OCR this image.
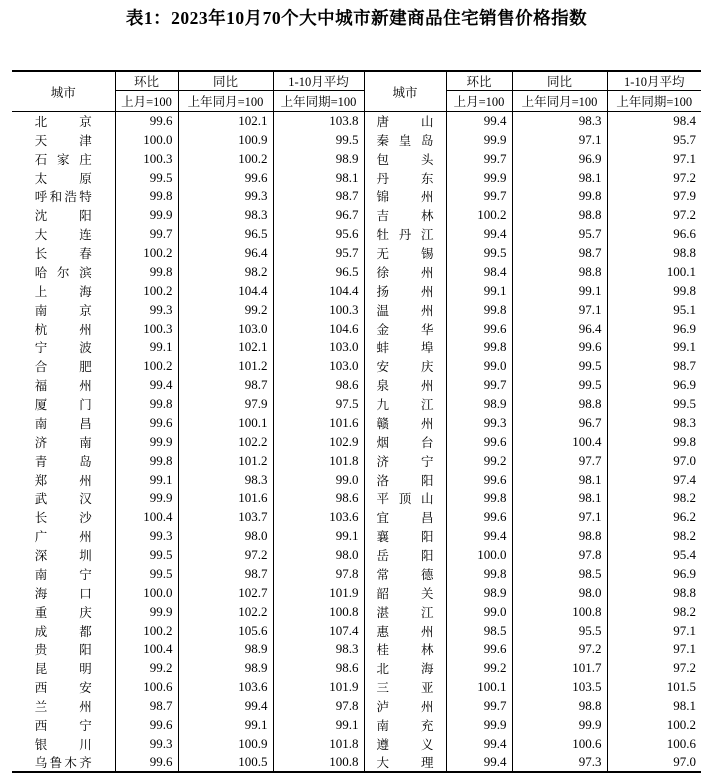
表1：2023年10月70个大中城市新建商品住宅销售价格指数
城市	环比	同比	1-10月平均	城市	环比	同比	1-10月平均
	上月=100	上年同月=100	上年同期=100		上月=100	上年同月=100	上年同期=100
北京	99.6	102.1	103.8	唐山	99.4	98.3	98.4
天津	100.0	100.9	99.5	秦皇岛	99.9	97.1	95.7
石家庄	100.3	100.2	98.9	包头	99.7	96.9	97.1
太原	99.5	99.6	98.1	丹东	99.9	98.1	97.2
呼和浩特	99.8	99.3	98.7	锦州	99.7	99.8	97.9
沈阳	99.9	98.3	96.7	吉林	100.2	98.8	97.2
大连	99.7	96.5	95.6	牡丹江	99.4	95.7	96.6
长春	100.2	96.4	95.7	无锡	99.5	98.7	98.8
哈尔滨	99.8	98.2	96.5	徐州	98.4	98.8	100.1
上海	100.2	104.4	104.4	扬州	99.1	99.1	99.8
南京	99.3	99.2	100.3	温州	99.8	97.1	95.1
杭州	100.3	103.0	104.6	金华	99.6	96.4	96.9
宁波	99.1	102.1	103.0	蚌埠	99.8	99.6	99.1
合肥	100.2	101.2	103.0	安庆	99.0	99.5	98.7
福州	99.4	98.7	98.6	泉州	99.7	99.5	96.9
厦门	99.8	97.9	97.5	九江	98.9	98.8	99.5
南昌	99.6	100.1	101.6	赣州	99.3	96.7	98.3
济南	99.9	102.2	102.9	烟台	99.6	100.4	99.8
青岛	99.8	101.2	101.8	济宁	99.2	97.7	97.0
郑州	99.1	98.3	99.0	洛阳	99.6	98.1	97.4
武汉	99.9	101.6	98.6	平顶山	99.8	98.1	98.2
长沙	100.4	103.7	103.6	宜昌	99.6	97.1	96.2
广州	99.3	98.0	99.1	襄阳	99.4	98.8	98.2
深圳	99.5	97.2	98.0	岳阳	100.0	97.8	95.4
南宁	99.5	98.7	97.8	常德	99.8	98.5	96.9
海口	100.0	102.7	101.9	韶关	98.9	98.0	98.8
重庆	99.9	102.2	100.8	湛江	99.0	100.8	98.2
成都	100.2	105.6	107.4	惠州	98.5	95.5	97.1
贵阳	100.4	98.9	98.3	桂林	99.6	97.2	97.1
昆明	99.2	98.9	98.6	北海	99.2	101.7	97.2
西安	100.6	103.6	101.9	三亚	100.1	103.5	101.5
兰州	98.7	99.4	97.8	泸州	99.7	98.8	98.1
西宁	99.6	99.1	99.1	南充	99.9	99.9	100.2
银川	99.3	100.9	101.8	遵义	99.4	100.6	100.6
乌鲁木齐	99.6	100.5	100.8	大理	99.4	97.3	97.0
